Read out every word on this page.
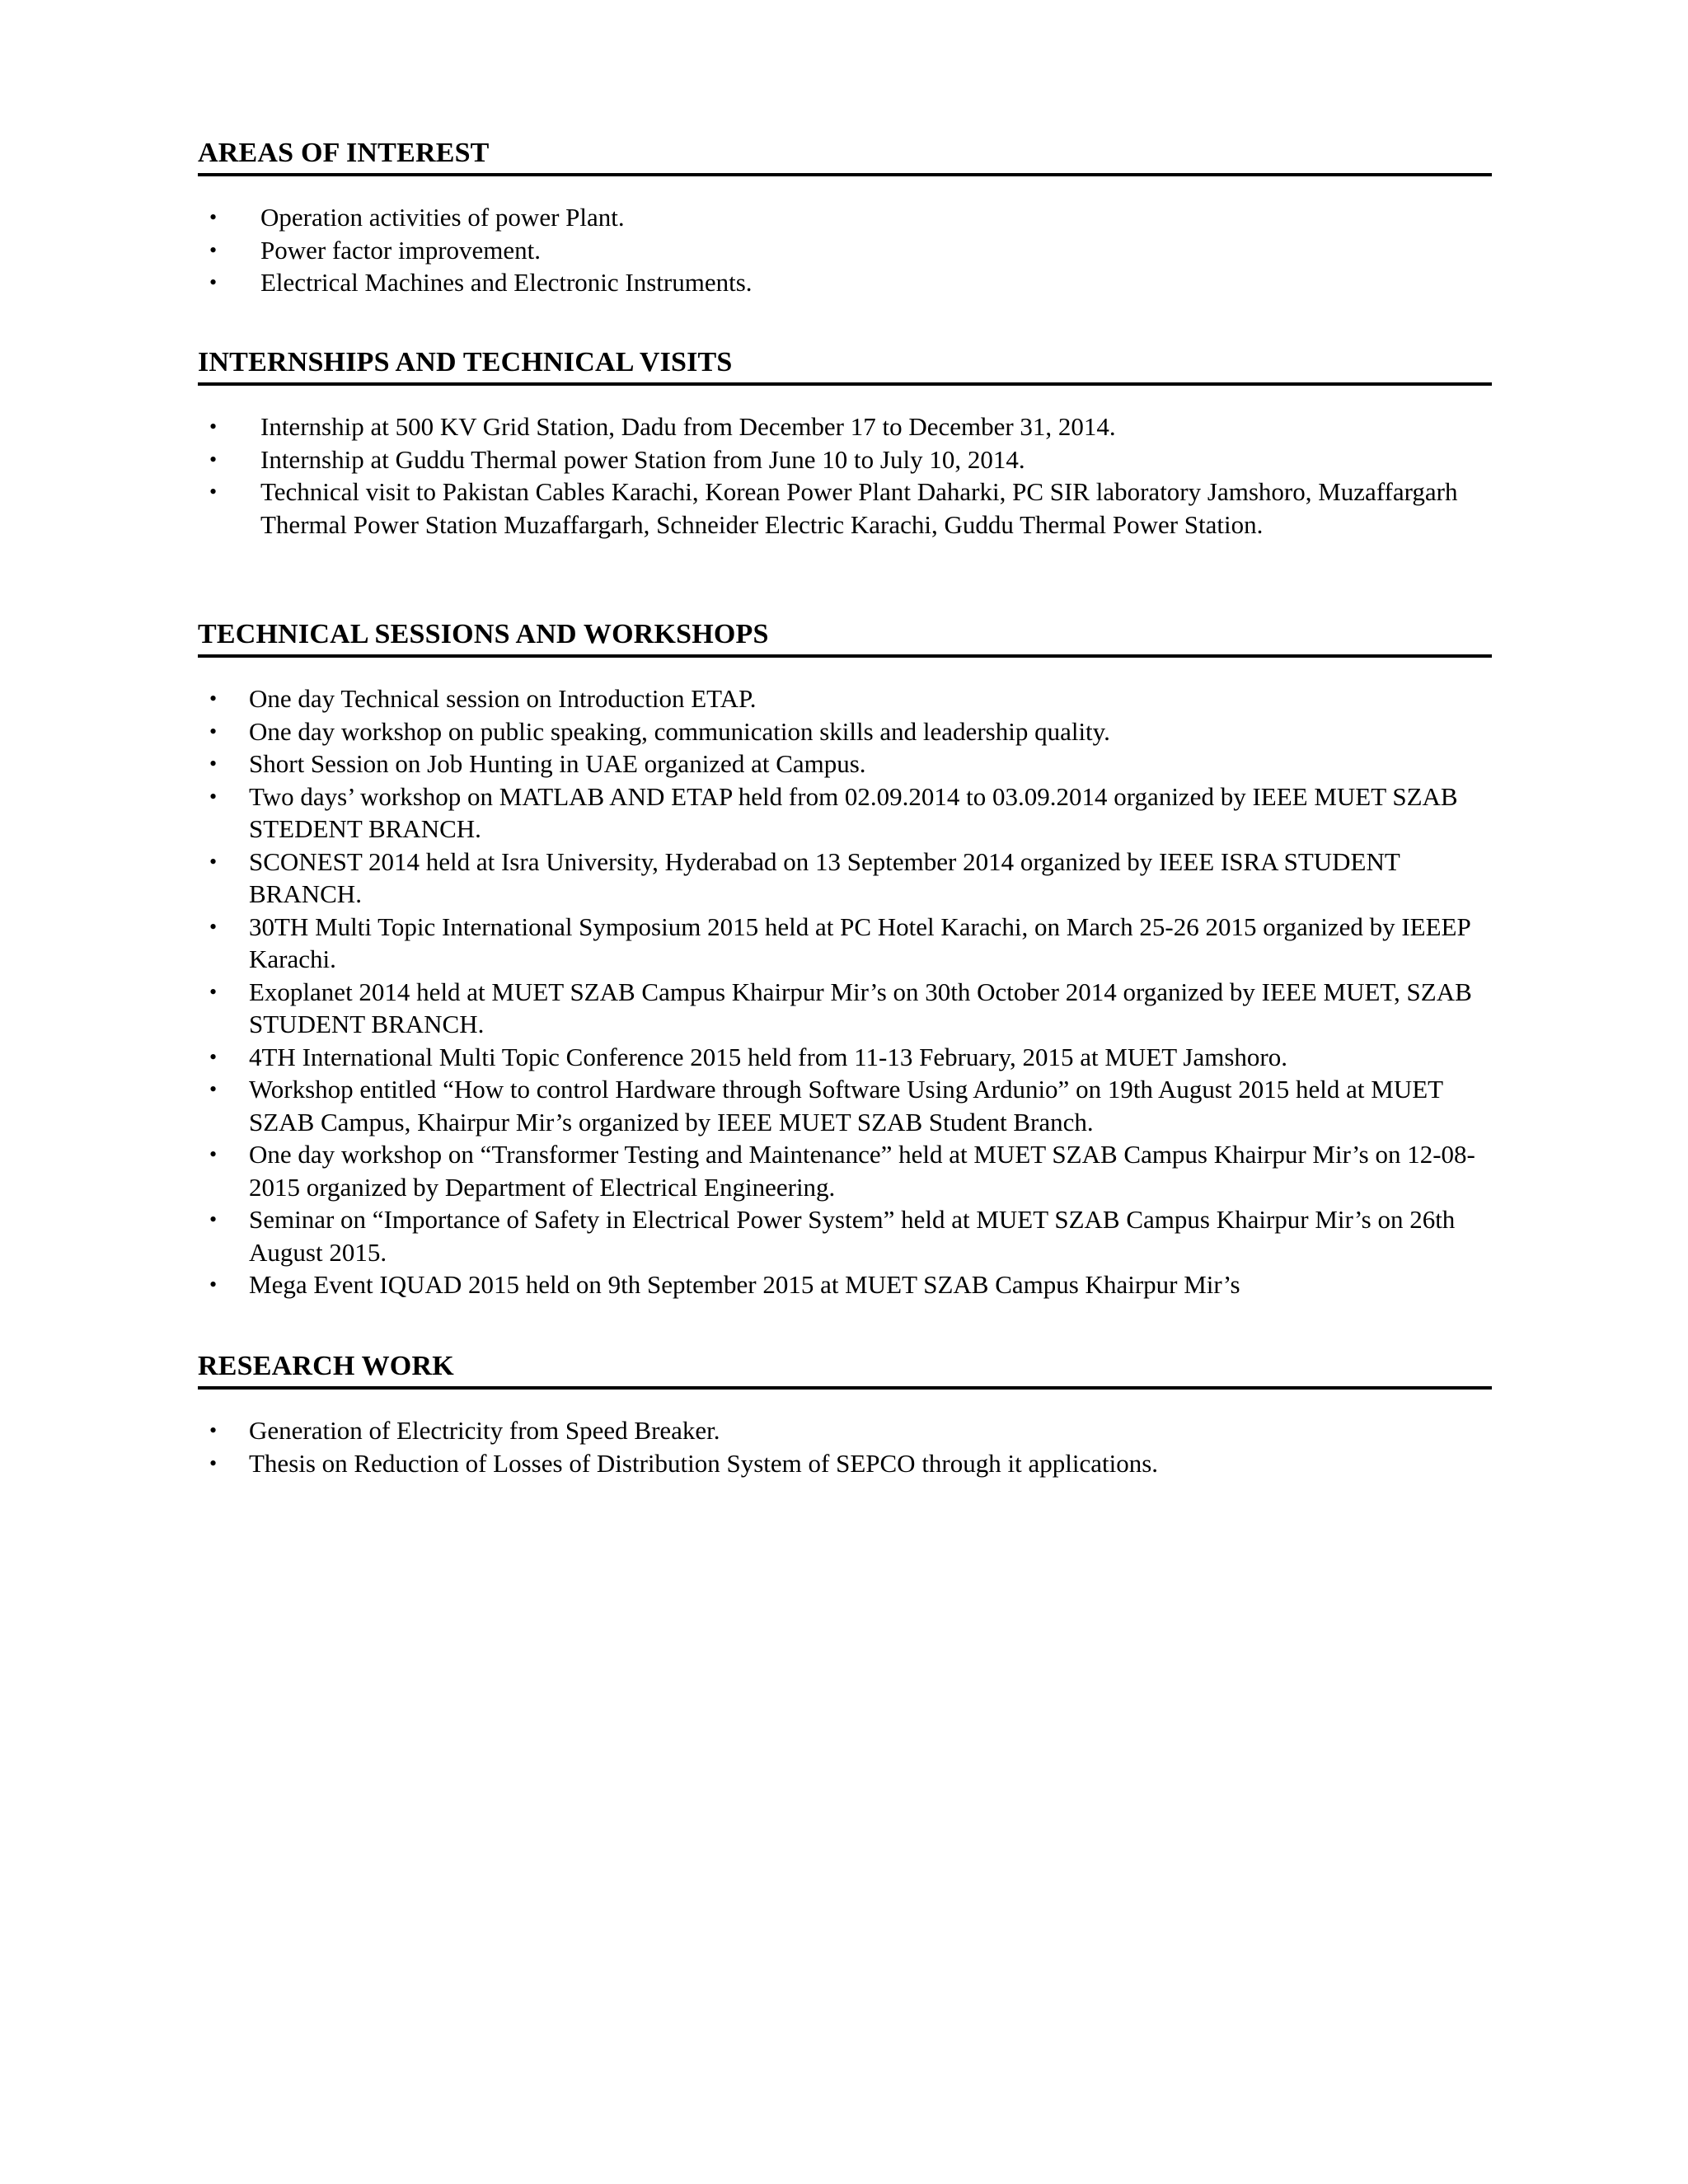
AREAS OF INTEREST
• Operation activities of power Plant.
• Power factor improvement.
• Electrical Machines and Electronic Instruments.
INTERNSHIPS AND TECHNICAL VISITS
• Internship at 500 KV Grid Station, Dadu from December 17 to December 31, 2014.
• Internship at Guddu Thermal power Station from June 10 to July 10, 2014.
• Technical visit to Pakistan Cables Karachi, Korean Power Plant Daharki, PC SIR laboratory Jamshoro, Muzaffargarh Thermal Power Station Muzaffargarh, Schneider Electric Karachi, Guddu Thermal Power Station.
TECHNICAL SESSIONS AND WORKSHOPS
• One day Technical session on Introduction ETAP.
• One day workshop on public speaking, communication skills and leadership quality.
• Short Session on Job Hunting in UAE organized at Campus.
• Two days’ workshop on MATLAB AND ETAP held from 02.09.2014 to 03.09.2014 organized by IEEE MUET SZAB STEDENT BRANCH.
• SCONEST 2014 held at Isra University, Hyderabad on 13 September 2014 organized by IEEE ISRA STUDENT BRANCH.
• 30TH Multi Topic International Symposium 2015 held at PC Hotel Karachi, on March 25-26 2015 organized by IEEEP Karachi.
• Exoplanet 2014 held at MUET SZAB Campus Khairpur Mir’s on 30th October 2014 organized by IEEE MUET, SZAB STUDENT BRANCH.
• 4TH International Multi Topic Conference 2015 held from 11-13 February, 2015 at MUET Jamshoro.
• Workshop entitled “How to control Hardware through Software Using Ardunio” on 19th August 2015 held at MUET SZAB Campus, Khairpur Mir’s organized by IEEE MUET SZAB Student Branch.
• One day workshop on “Transformer Testing and Maintenance” held at MUET SZAB Campus Khairpur Mir’s on 12-08-2015 organized by Department of Electrical Engineering.
• Seminar on “Importance of Safety in Electrical Power System” held at MUET SZAB Campus Khairpur Mir’s on 26th August 2015.
• Mega Event IQUAD 2015 held on 9th September 2015 at MUET SZAB Campus Khairpur Mir’s
RESEARCH WORK
• Generation of Electricity from Speed Breaker.
• Thesis on Reduction of Losses of Distribution System of SEPCO through it applications.
